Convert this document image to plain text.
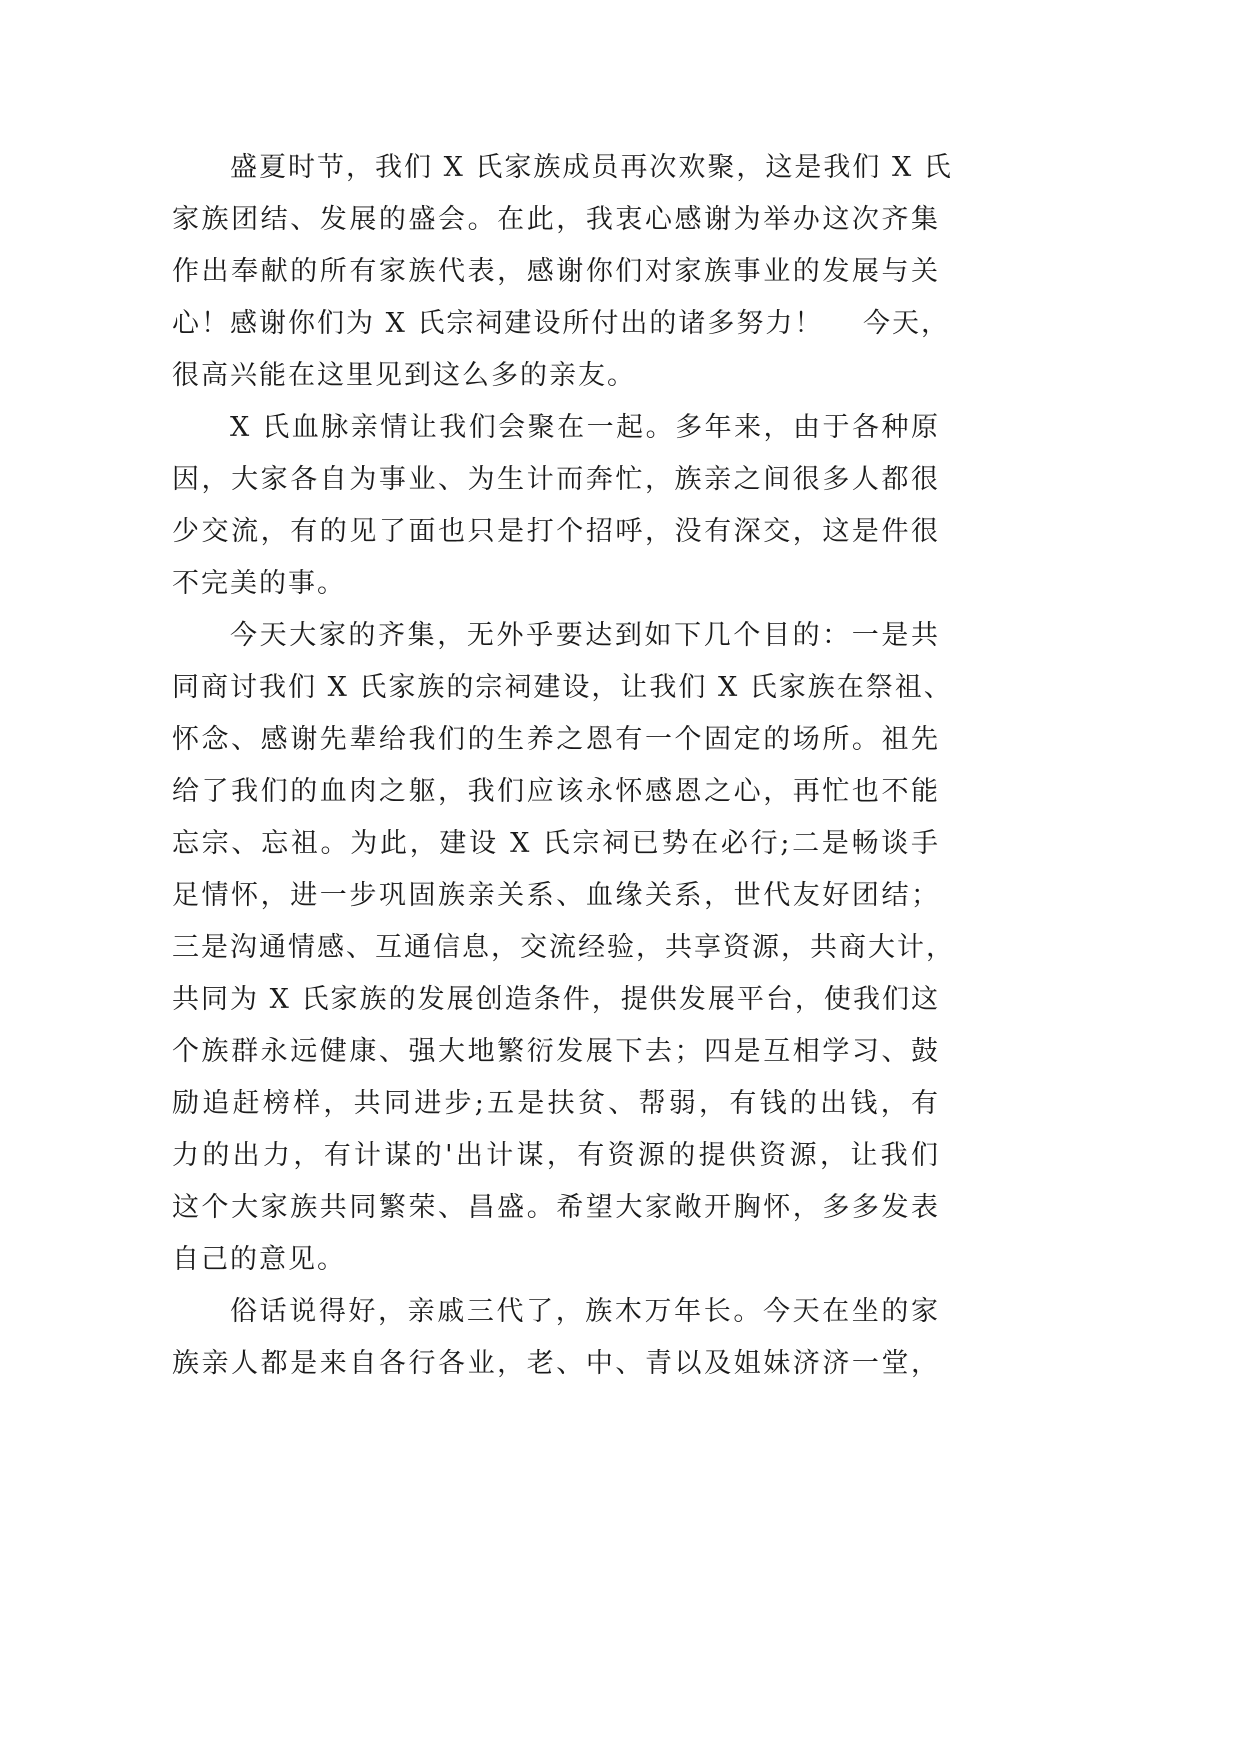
盛夏时节，我们 X 氏家族成员再次欢聚，这是我们 X 氏
家族团结、发展的盛会。在此，我衷心感谢为举办这次齐集
作出奉献的所有家族代表，感谢你们对家族事业的发展与关
心！感谢你们为 X 氏宗祠建设所付出的诸多努力！　 今天，
很高兴能在这里见到这么多的亲友。
X 氏血脉亲情让我们会聚在一起。多年来，由于各种原
因，大家各自为事业、为生计而奔忙，族亲之间很多人都很
少交流，有的见了面也只是打个招呼，没有深交，这是件很
不完美的事。
今天大家的齐集，无外乎要达到如下几个目的：一是共
同商讨我们 X 氏家族的宗祠建设，让我们 X 氏家族在祭祖、
怀念、感谢先辈给我们的生养之恩有一个固定的场所。祖先
给了我们的血肉之躯，我们应该永怀感恩之心，再忙也不能
忘宗、忘祖。为此，建设 X 氏宗祠已势在必行;二是畅谈手
足情怀，进一步巩固族亲关系、血缘关系，世代友好团结；
三是沟通情感、互通信息，交流经验，共享资源，共商大计，
共同为 X 氏家族的发展创造条件，提供发展平台，使我们这
个族群永远健康、强大地繁衍发展下去；四是互相学习、鼓
励追赶榜样，共同进步;五是扶贫、帮弱，有钱的出钱，有
力的出力，有计谋的'出计谋，有资源的提供资源，让我们
这个大家族共同繁荣、昌盛。希望大家敞开胸怀，多多发表
自己的意见。
俗话说得好，亲戚三代了，族木万年长。今天在坐的家
族亲人都是来自各行各业，老、中、青以及姐妹济济一堂，
